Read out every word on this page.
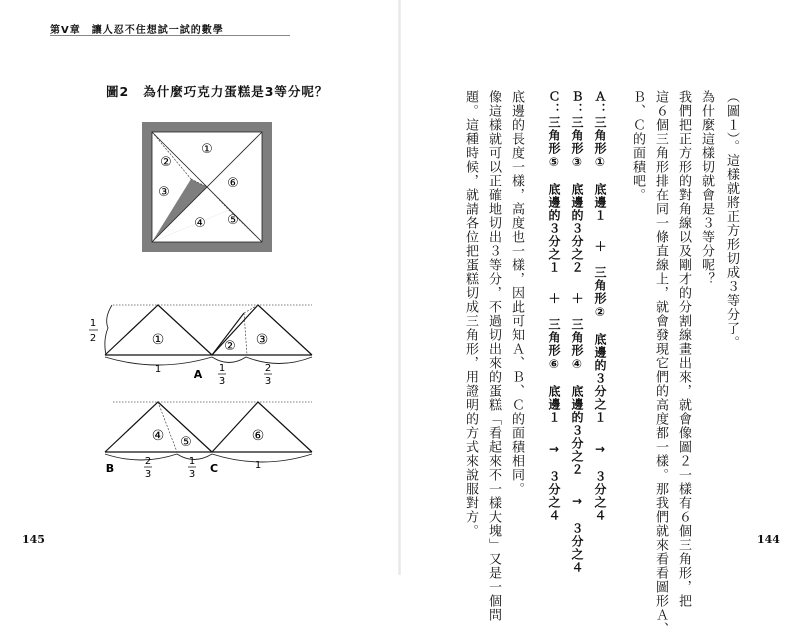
第V章　讓人忍不住想試一試的數學
圖2 為什麼巧克力蛋糕是3等分呢？
①
②
③
⑥
④ ⑤
①	② ③
1
2
1	A 1
3
2
3
④ ⑤	⑥
B
2
3
1
3 C	1
145
（圖１）。這樣就將正方形切成３等分了。
為什麼這樣切就會是３等分呢？
我們把正方形的對角線以及剛才的分割線畫出來，就會像圖２一樣有６個三角形，把
這６個三角形排在同一條直線上，就會發現它們的高度都一樣。那我們就來看看圖形Ａ、
Ｂ、Ｃ的面積吧。
Ａ：三角形①　底邊１＋　三角形②　底邊的３分之１→　３分之４
Ｂ：三角形③　底邊的３分之２＋　三角形④　底邊的３分之２→　３分之４
Ｃ：三角形⑤　底邊的３分之１＋　三角形⑥　底邊１→　３分之４
底邊的長度一樣，高度也一樣，因此可知Ａ、Ｂ、Ｃ的面積相同。
像這樣就可以正確地切出３等分，不過切出來的蛋糕「看起來不一樣大塊」又是一個問
題。這種時候，就請各位把蛋糕切成三角形，用證明的方式來說服對方。
144
